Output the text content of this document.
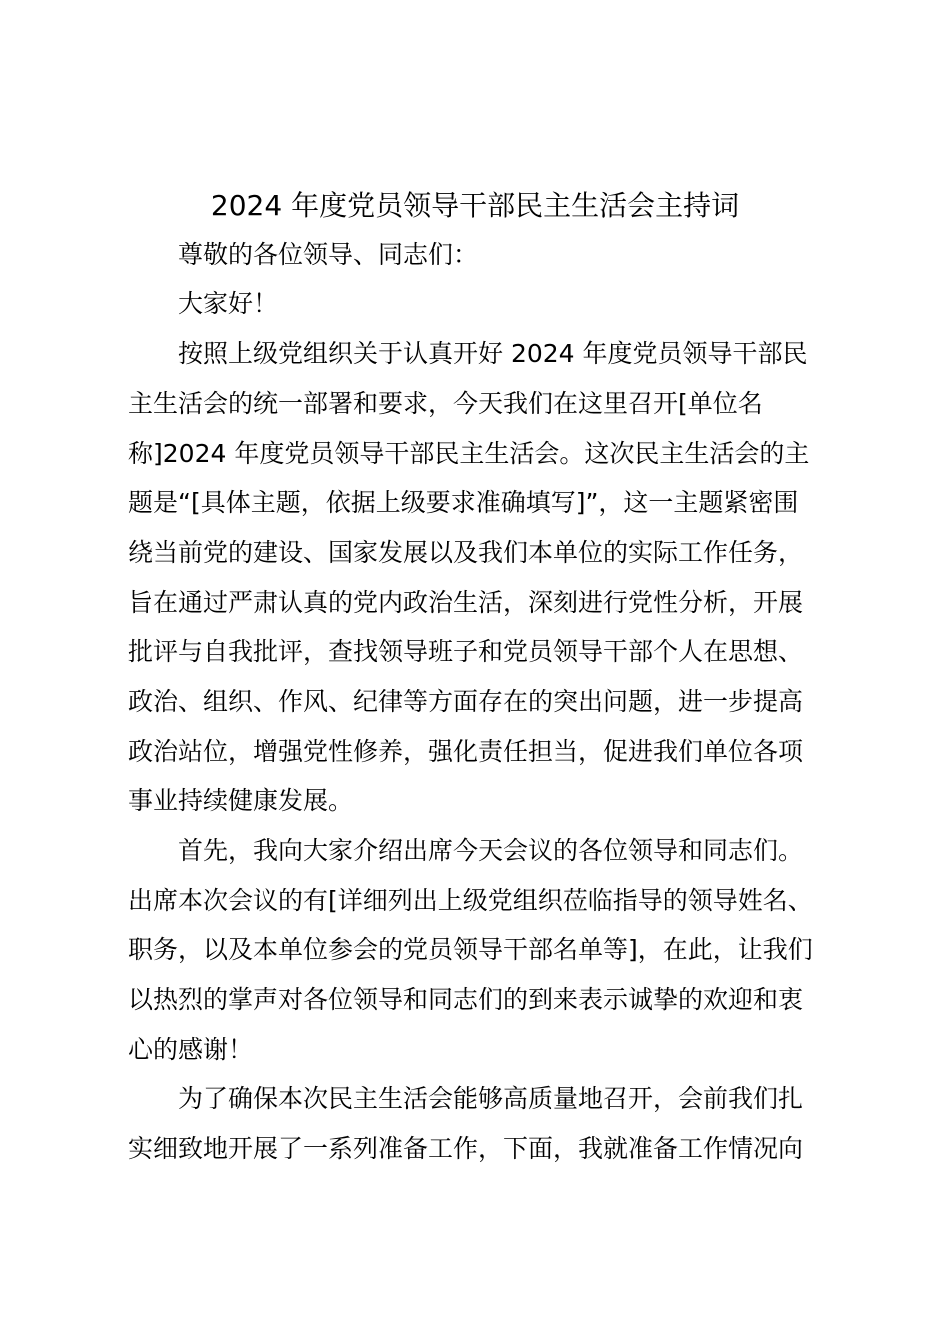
2024 年度党员领导干部民主生活会主持词
尊敬的各位领导、同志们：
大家好！
按照上级党组织关于认真开好 2024 年度党员领导干部民
主生活会的统一部署和要求，今天我们在这里召开[单位名
称]2024 年度党员领导干部民主生活会。这次民主生活会的主
题是“[具体主题，依据上级要求准确填写]”，这一主题紧密围
绕当前党的建设、国家发展以及我们本单位的实际工作任务，
旨在通过严肃认真的党内政治生活，深刻进行党性分析，开展
批评与自我批评，查找领导班子和党员领导干部个人在思想、
政治、组织、作风、纪律等方面存在的突出问题，进一步提高
政治站位，增强党性修养，强化责任担当，促进我们单位各项
事业持续健康发展。
首先，我向大家介绍出席今天会议的各位领导和同志们。
出席本次会议的有[详细列出上级党组织莅临指导的领导姓名、
职务，以及本单位参会的党员领导干部名单等]，在此，让我们
以热烈的掌声对各位领导和同志们的到来表示诚挚的欢迎和衷
心的感谢！
为了确保本次民主生活会能够高质量地召开，会前我们扎
实细致地开展了一系列准备工作，下面，我就准备工作情况向
